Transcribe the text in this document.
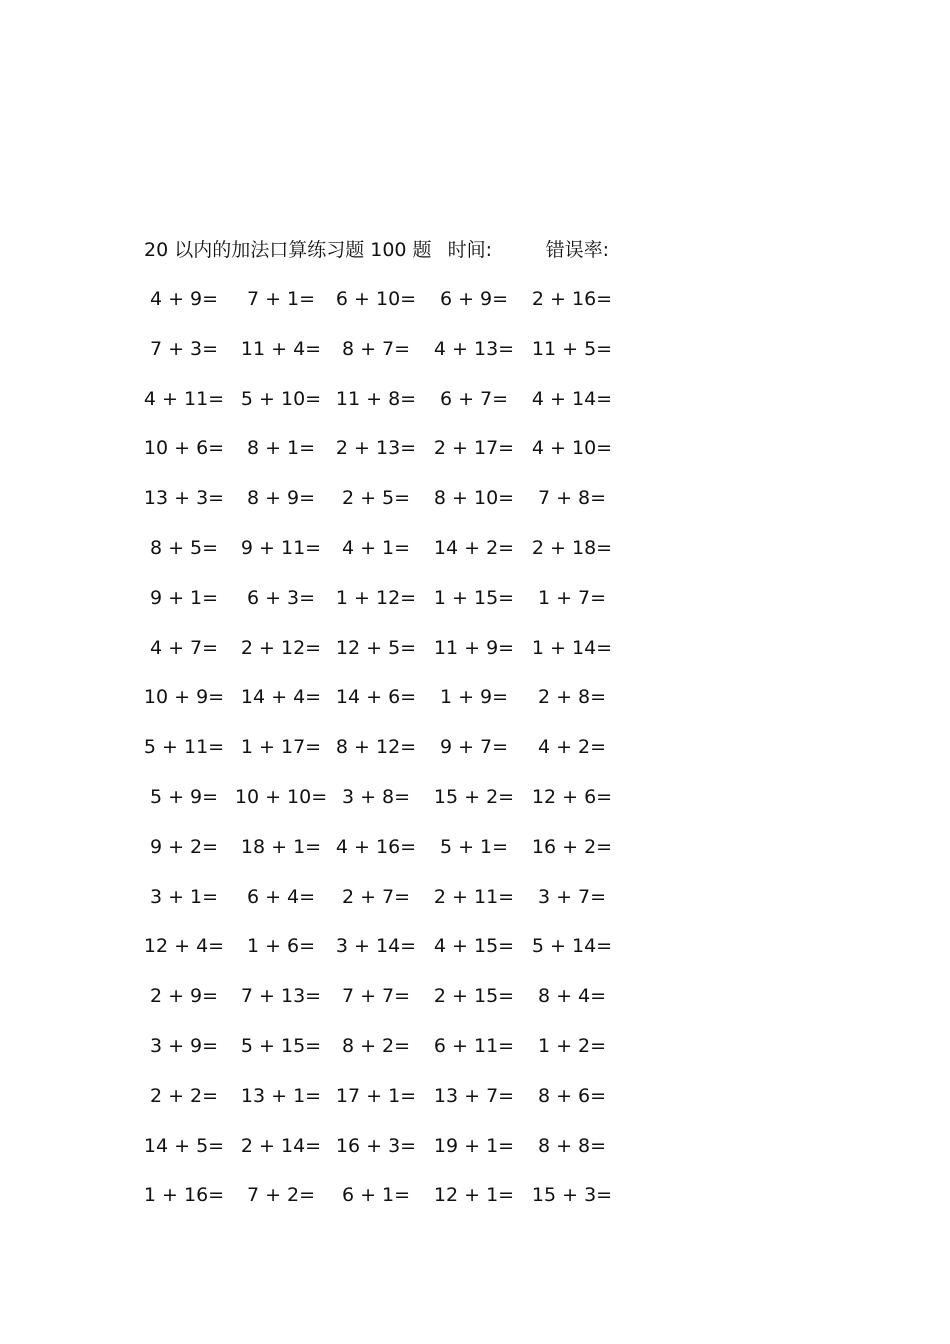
20 以内的加法口算练习题 100 题 时间:	错误率:
4 + 9=	7 + 1=	6 + 10=	6 + 9=	2 + 16=
7 + 3=	11 + 4=	8 + 7=	4 + 13= 11 + 5=
4 + 11= 5 + 10= 11 + 8=	6 + 7=	4 + 14=
10 + 6=	8 + 1=	2 + 13= 2 + 17= 4 + 10=
13 + 3=	8 + 9=	2 + 5=	8 + 10=	7 + 8=
8 + 5=	9 + 11=	4 + 1=	14 + 2= 2 + 18=
9 + 1=	6 + 3=	1 + 12= 1 + 15=	1 + 7=
4 + 7=	2 + 12= 12 + 5= 11 + 9= 1 + 14=
10 + 9= 14 + 4= 14 + 6=	1 + 9=	2 + 8=
5 + 11= 1 + 17= 8 + 12=	9 + 7=	4 + 2=
5 + 9= 10 + 10= 3 + 8=	15 + 2= 12 + 6=
9 + 2=	18 + 1= 4 + 16=	5 + 1=	16 + 2=
3 + 1=	6 + 4=	2 + 7=	2 + 11=	3 + 7=
12 + 4=	1 + 6=	3 + 14= 4 + 15= 5 + 14=
2 + 9=	7 + 13=	7 + 7=	2 + 15=	8 + 4=
3 + 9=	5 + 15=	8 + 2=	6 + 11=	1 + 2=
2 + 2=	13 + 1= 17 + 1= 13 + 7=	8 + 6=
14 + 5= 2 + 14= 16 + 3= 19 + 1=	8 + 8=
1 + 16=	7 + 2=	6 + 1=	12 + 1= 15 + 3=
